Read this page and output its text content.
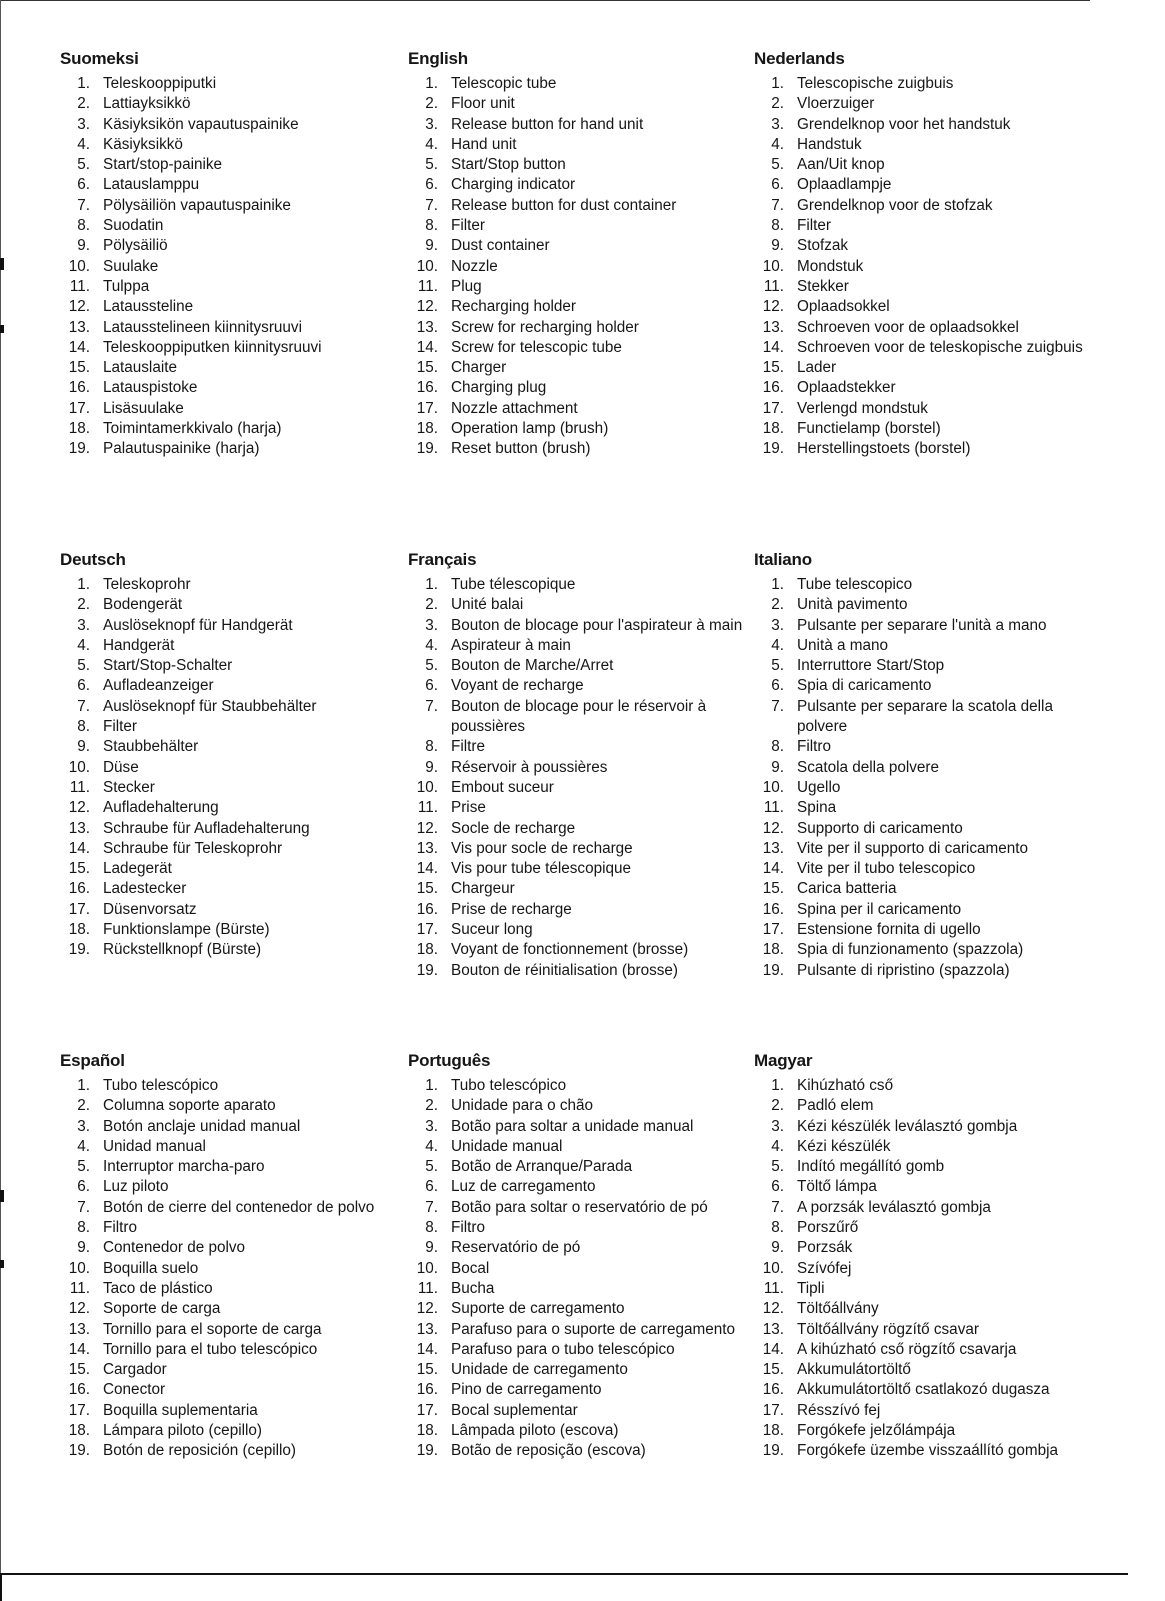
Suomeksi
1. Teleskooppiputki
2. Lattiayksikkö
3. Käsiyksikön vapautuspainike
4. Käsiyksikkö
5. Start/stop-painike
6. Latauslamppu
7. Pölysäiliön vapautuspainike
8. Suodatin
9. Pölysäiliö
10. Suulake
11. Tulppa
12. Lataussteline
13. Latausstelineen kiinnitysruuvi
14. Teleskooppiputken kiinnitysruuvi
15. Latauslaite
16. Latauspistoke
17. Lisäsuulake
18. Toimintamerkkivalo (harja)
19. Palautuspainike (harja)
English
1. Telescopic tube
2. Floor unit
3. Release button for hand unit
4. Hand unit
5. Start/Stop button
6. Charging indicator
7. Release button for dust container
8. Filter
9. Dust container
10. Nozzle
11. Plug
12. Recharging holder
13. Screw for recharging holder
14. Screw for telescopic tube
15. Charger
16. Charging plug
17. Nozzle attachment
18. Operation lamp (brush)
19. Reset button (brush)
Nederlands
1. Telescopische zuigbuis
2. Vloerzuiger
3. Grendelknop voor het handstuk
4. Handstuk
5. Aan/Uit knop
6. Oplaadlampje
7. Grendelknop voor de stofzak
8. Filter
9. Stofzak
10. Mondstuk
11. Stekker
12. Oplaadsokkel
13. Schroeven voor de oplaadsokkel
14. Schroeven voor de teleskopische zuigbuis
15. Lader
16. Oplaadstekker
17. Verlengd mondstuk
18. Functielamp (borstel)
19. Herstellingstoets (borstel)
Deutsch
1. Teleskoprohr
2. Bodengerät
3. Auslöseknopf für Handgerät
4. Handgerät
5. Start/Stop-Schalter
6. Aufladeanzeiger
7. Auslöseknopf für Staubbehälter
8. Filter
9. Staubbehälter
10. Düse
11. Stecker
12. Aufladehalterung
13. Schraube für Aufladehalterung
14. Schraube für Teleskoprohr
15. Ladegerät
16. Ladestecker
17. Düsenvorsatz
18. Funktionslampe (Bürste)
19. Rückstellknopf (Bürste)
Français
1. Tube télescopique
2. Unité balai
3. Bouton de blocage pour l'aspirateur à main
4. Aspirateur à main
5. Bouton de Marche/Arret
6. Voyant de recharge
7. Bouton de blocage pour le réservoir à poussières
8. Filtre
9. Réservoir à poussières
10. Embout suceur
11. Prise
12. Socle de recharge
13. Vis pour socle de recharge
14. Vis pour tube télescopique
15. Chargeur
16. Prise de recharge
17. Suceur long
18. Voyant de fonctionnement (brosse)
19. Bouton de réinitialisation (brosse)
Italiano
1. Tube telescopico
2. Unità pavimento
3. Pulsante per separare l'unità a mano
4. Unità a mano
5. Interruttore Start/Stop
6. Spia di caricamento
7. Pulsante per separare la scatola della polvere
8. Filtro
9. Scatola della polvere
10. Ugello
11. Spina
12. Supporto di caricamento
13. Vite per il supporto di caricamento
14. Vite per il tubo telescopico
15. Carica batteria
16. Spina per il caricamento
17. Estensione fornita di ugello
18. Spia di funzionamento (spazzola)
19. Pulsante di ripristino (spazzola)
Español
1. Tubo telescópico
2. Columna soporte aparato
3. Botón anclaje unidad manual
4. Unidad manual
5. Interruptor marcha-paro
6. Luz piloto
7. Botón de cierre del contenedor de polvo
8. Filtro
9. Contenedor de polvo
10. Boquilla suelo
11. Taco de plástico
12. Soporte de carga
13. Tornillo para el soporte de carga
14. Tornillo para el tubo telescópico
15. Cargador
16. Conector
17. Boquilla suplementaria
18. Lámpara piloto (cepillo)
19. Botón de reposición (cepillo)
Português
1. Tubo telescópico
2. Unidade para o chão
3. Botão para soltar a unidade manual
4. Unidade manual
5. Botão de Arranque/Parada
6. Luz de carregamento
7. Botão para soltar o reservatório de pó
8. Filtro
9. Reservatório de pó
10. Bocal
11. Bucha
12. Suporte de carregamento
13. Parafuso para o suporte de carregamento
14. Parafuso para o tubo telescópico
15. Unidade de carregamento
16. Pino de carregamento
17. Bocal suplementar
18. Lâmpada piloto (escova)
19. Botão de reposição (escova)
Magyar
1. Kihúzható cső
2. Padló elem
3. Kézi készülék leválasztó gombja
4. Kézi készülék
5. Indító megállító gomb
6. Töltő lámpa
7. A porzsák leválasztó gombja
8. Porszűrő
9. Porzsák
10. Szívófej
11. Tipli
12. Töltőállvány
13. Töltőállvány rögzítő csavar
14. A kihúzható cső rögzítő csavarja
15. Akkumulátortöltő
16. Akkumulátortöltő csatlakozó dugasza
17. Résszívó fej
18. Forgókefe jelzőlámpája
19. Forgókefe üzembe visszaállító gombja
